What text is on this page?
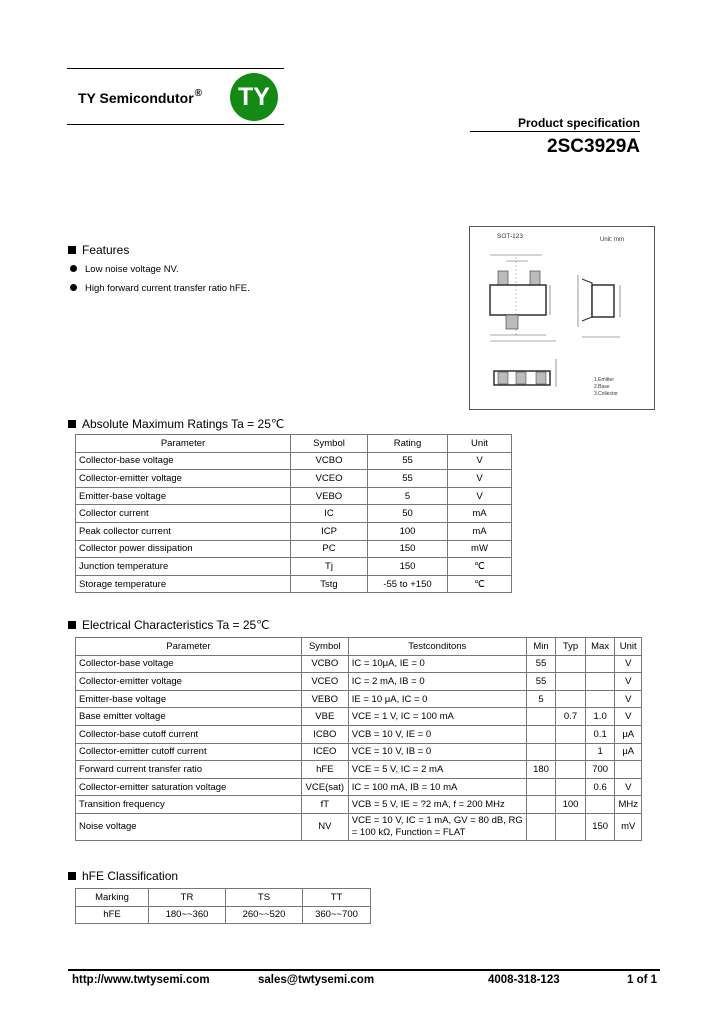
TY Semicondutor®	TY
Product specification
2SC3929A
Features
Low noise voltage NV.
High forward current transfer ratio hFE.
SOT-123	Unit: mm
1.Emitter
2.Base
3.Collector
Absolute Maximum Ratings Ta = 25℃
Parameter	Symbol	Rating	Unit
Collector-base voltage	VCBO	55	V
Collector-emitter voltage	VCEO	55	V
Emitter-base voltage	VEBO	5	V
Collector current	IC	50	mA
Peak collector current	ICP	100	mA
Collector power dissipation	PC	150	mW
Junction temperature	Tj	150	℃
Storage temperature	Tstg	-55 to +150	℃
Electrical Characteristics Ta = 25℃
Parameter	Symbol	Testconditons	Min	Typ	Max	Unit
Collector-base voltage	VCBO	IC = 10μA, IE = 0	55			V
Collector-emitter voltage	VCEO	IC = 2 mA, IB = 0	55			V
Emitter-base voltage	VEBO	IE = 10 μA, IC = 0	5			V
Base emitter voltage	VBE	VCE = 1 V, IC = 100 mA		0.7	1.0	V
Collector-base cutoff current	ICBO	VCB = 10 V, IE = 0			0.1	μA
Collector-emitter cutoff current	ICEO	VCE = 10 V, IB = 0			1	μA
Forward current transfer ratio	hFE	VCE = 5 V, IC = 2 mA	180		700	
Collector-emitter saturation voltage	VCE(sat)	IC = 100 mA, IB = 10 mA			0.6	V
Transition frequency	fT	VCB = 5 V, IE = ?2 mA, f = 200 MHz		100		MHz
Noise voltage	NV	VCE = 10 V, IC = 1 mA, GV = 80 dB, RG
= 100 kΩ, Function = FLAT			150	mV
hFE Classification
Marking	TR	TS	TT
hFE	180~~360	260~~520	360~~700
http://www.twtysemi.com	sales@twtysemi.com	4008-318-123	1 of 1
